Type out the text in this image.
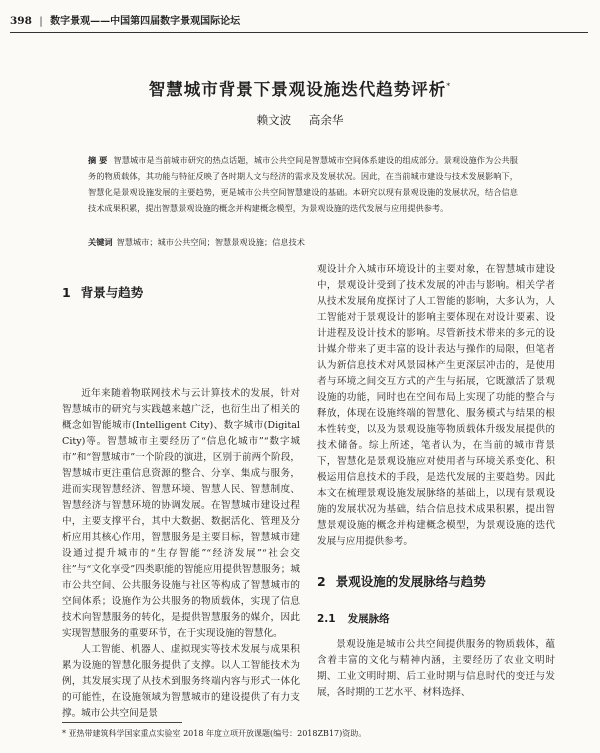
398 | 数字景观——中国第四届数字景观国际论坛
智慧城市背景下景观设施迭代趋势评析*
赖文波 高余华
摘 要 智慧城市是当前城市研究的热点话题，城市公共空间是智慧城市空间体系建设的组成部分。景观设施作为公共服务的物质载体，其功能与特征反映了各时期人文与经济的需求及发展状况。因此，在当前城市建设与技术发展影响下，智慧化是景观设施发展的主要趋势，更是城市公共空间智慧建设的基础。本研究以现有景观设施的发展状况，结合信息技术成果积累，提出智慧景观设施的概念并构建概念模型，为景观设施的迭代发展与应用提供参考。
关键词 智慧城市；城市公共空间；智慧景观设施；信息技术
1 背景与趋势

近年来随着物联网技术与云计算技术的发展，针对智慧城市的研究与实践越来越广泛，也衍生出了相关的概念如智能城市(Intelligent City)、数字城市(Digital City)等。智慧城市主要经历了“信息化城市”“数字城市”和“智慧城市”一个阶段的演进，区别于前两个阶段，智慧城市更注重信息资源的整合、分享、集成与服务，进而实现智慧经济、智慧环境、智慧人民、智慧制度、智慧经济与智慧环境的协调发展。在智慧城市建设过程中，主要支撑平台，其中大数据、数据活化、管理及分析应用其核心作用，智慧服务是主要目标，智慧城市建设通过提升城市的“生存智能”“经济发展”“社会交往”与“文化享受”四类职能的智能应用提供智慧服务；城市公共空间、公共服务设施与社区等构成了智慧城市的空间体系；设施作为公共服务的物质载体，实现了信息技术向智慧服务的转化，是提供智慧服务的媒介，因此实现智慧服务的重要环节，在于实现设施的智慧化。

人工智能、机器人、虚拟现实等技术发展与成果积累为设施的智慧化服务提供了支撑。以人工智能技术为例，其发展实现了从技术到服务终端内容与形式一体化的可能性，在设施领域为智慧城市的建设提供了有力支撑。城市公共空间是景

观设计介入城市环境设计的主要对象，在智慧城市建设中，景观设计受到了技术发展的冲击与影响。相关学者从技术发展角度探讨了人工智能的影响，大多认为，人工智能对于景观设计的影响主要体现在对设计要素、设计进程及设计技术的影响。尽管新技术带来的多元的设计媒介带来了更丰富的设计表达与操作的局限，但笔者认为新信息技术对风景园林产生更深层冲击的，是使用者与环境之间交互方式的产生与拓展，它既激活了景观设施的功能，同时也在空间布局上实现了功能的整合与释放，体现在设施终端的智慧化、服务模式与结果的根本性转变，以及为景观设施等物质载体升级发展提供的技术储备。综上所述，笔者认为，在当前的城市背景下，智慧化是景观设施应对使用者与环境关系变化、积极运用信息技术的手段，是迭代发展的主要趋势。因此本文在梳理景观设施发展脉络的基础上，以现有景观设施的发展状况为基础，结合信息技术成果积累，提出智慧景观设施的概念并构建概念模型，为景观设施的迭代发展与应用提供参考。

2 景观设施的发展脉络与趋势
2.1 发展脉络

景观设施是城市公共空间提供服务的物质载体，蕴含着丰富的文化与精神内涵，主要经历了农业文明时期、工业文明时期、后工业时期与信息时代的变迁与发展，各时期的工艺水平、材料选择、

* 亚热带建筑科学国家重点实验室 2018 年度立项开放课题(编号：2018ZB17)资助。
